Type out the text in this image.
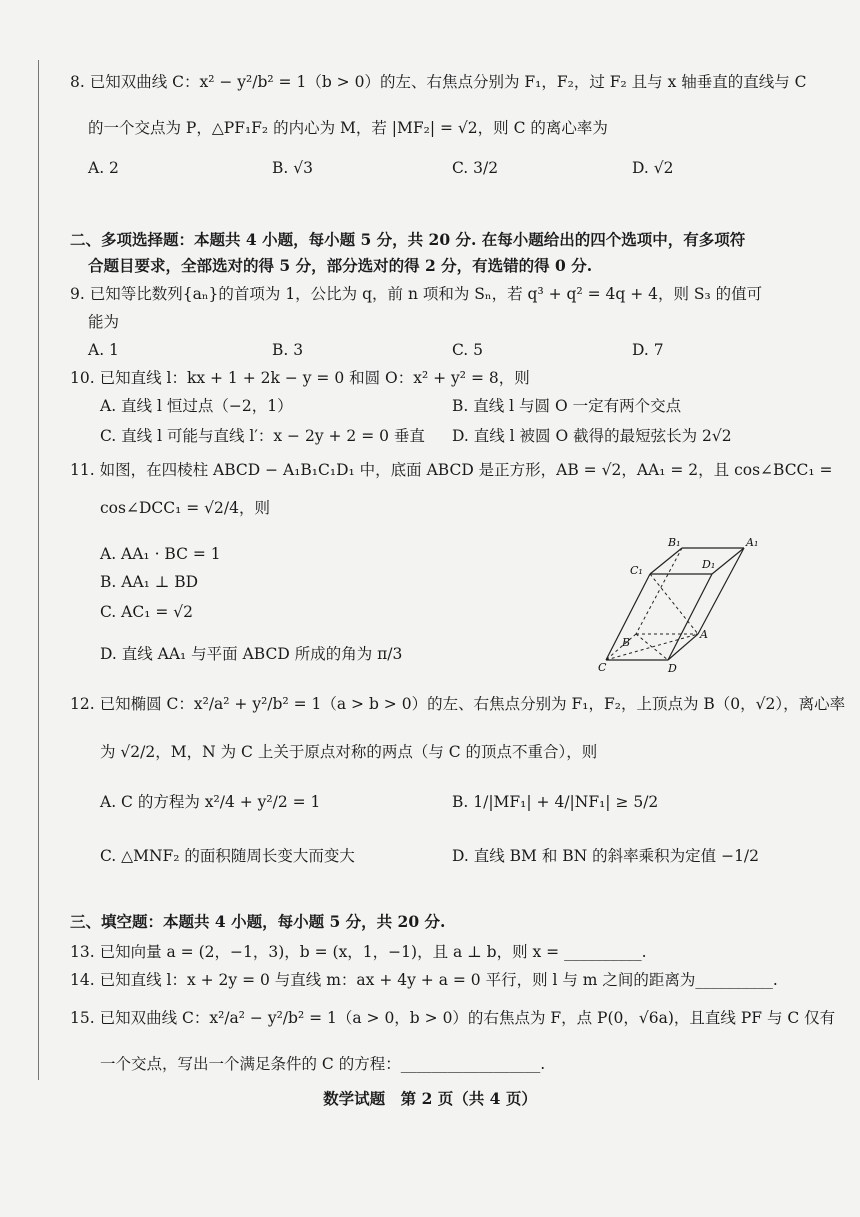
8. 已知双曲线 C：x² − y²/b² = 1（b > 0）的左、右焦点分别为 F₁，F₂，过 F₂ 且与 x 轴垂直的直线与 C
的一个交点为 P，△PF₁F₂ 的内心为 M，若 |MF₂| = √2，则 C 的离心率为
A. 2	B. √3	C. 3/2	D. √2
二、多项选择题：本题共 4 小题，每小题 5 分，共 20 分. 在每小题给出的四个选项中，有多项符
合题目要求，全部选对的得 5 分，部分选对的得 2 分，有选错的得 0 分.
9. 已知等比数列{aₙ}的首项为 1，公比为 q，前 n 项和为 Sₙ，若 q³ + q² = 4q + 4，则 S₃ 的值可
能为
A. 1	B. 3	C. 5	D. 7
10. 已知直线 l：kx + 1 + 2k − y = 0 和圆 O：x² + y² = 8，则
A. 直线 l 恒过点（−2，1）	B. 直线 l 与圆 O 一定有两个交点
C. 直线 l 可能与直线 l′：x − 2y + 2 = 0 垂直 D. 直线 l 被圆 O 截得的最短弦长为 2√2
11. 如图，在四棱柱 ABCD − A₁B₁C₁D₁ 中，底面 ABCD 是正方形，AB = √2，AA₁ = 2，且 cos∠BCC₁ =
cos∠DCC₁ = √2/4，则
A. AA₁ · BC = 1
B. AA₁ ⊥ BD
C. AC₁ = √2
D. 直线 AA₁ 与平面 ABCD 所成的角为 π/3
B₁	A₁
C₁	D₁
B
A
C	D
12. 已知椭圆 C：x²/a² + y²/b² = 1（a > b > 0）的左、右焦点分别为 F₁，F₂，上顶点为 B（0，√2），离心率
为 √2/2，M，N 为 C 上关于原点对称的两点（与 C 的顶点不重合），则
A. C 的方程为 x²/4 + y²/2 = 1	B. 1/|MF₁| + 4/|NF₁| ≥ 5/2
C. △MNF₂ 的面积随周长变大而变大	D. 直线 BM 和 BN 的斜率乘积为定值 −1/2
三、填空题：本题共 4 小题，每小题 5 分，共 20 分.
13. 已知向量 a = (2，−1，3)，b = (x，1，−1)，且 a ⊥ b，则 x = __________.
14. 已知直线 l：x + 2y = 0 与直线 m：ax + 4y + a = 0 平行，则 l 与 m 之间的距离为__________.
15. 已知双曲线 C：x²/a² − y²/b² = 1（a > 0，b > 0）的右焦点为 F，点 P(0，√6a)，且直线 PF 与 C 仅有
一个交点，写出一个满足条件的 C 的方程：__________________.
数学试题　第 2 页（共 4 页）
